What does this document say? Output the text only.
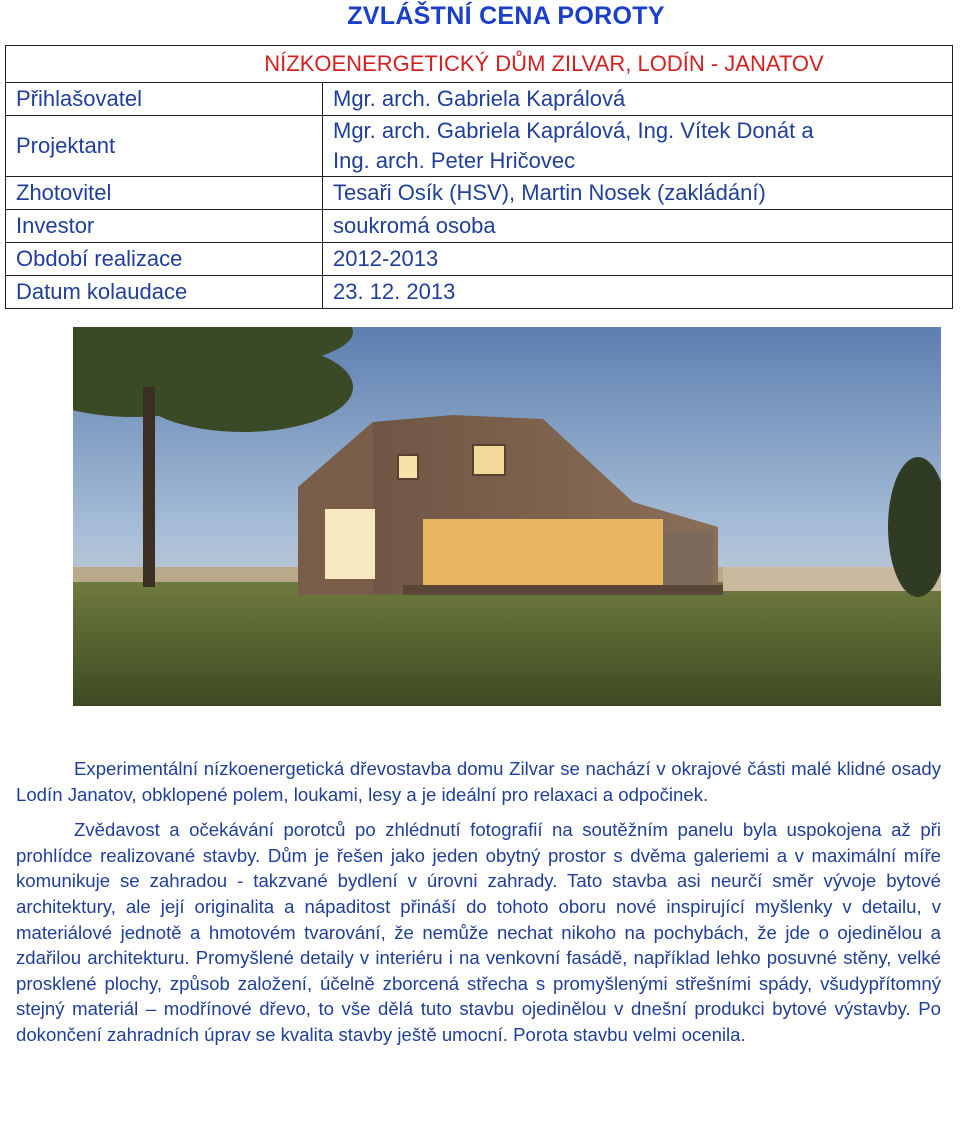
ZVLÁŠTNÍ CENA POROTY
NÍZKOENERGETICKÝ DŮM ZILVAR, LODÍN - JANATOV	
Přihlašovatel	Mgr. arch. Gabriela Kaprálová
Projektant	Mgr. arch. Gabriela Kaprálová, Ing. Vítek Donát a
Ing. arch. Peter Hričovec

Zhotovitel	Tesaři Osík (HSV), Martin Nosek (zakládání)
Investor	soukromá osoba
Období realizace	2012-2013
Datum kolaudace	23. 12. 2013

Experimentální nízkoenergetická dřevostavba domu Zilvar se nachází v okrajové části malé klidné osady Lodín Janatov, obklopené polem, loukami, lesy a je ideální pro relaxaci a odpočinek.

Zvědavost a očekávání porotců po zhlédnutí fotografií na soutěžním panelu byla uspokojena až při prohlídce realizované stavby. Dům je řešen jako jeden obytný prostor s dvěma galeriemi a v maximální míře komunikuje se zahradou - takzvané bydlení v úrovni zahrady. Tato stavba asi neurčí směr vývoje bytové architektury, ale její originalita a nápaditost přináší do tohoto oboru nové inspirující myšlenky v detailu, v materiálové jednotě a hmotovém tvarování, že nemůže nechat nikoho na pochybách, že jde o ojedinělou a zdařilou architekturu. Promyšlené detaily v interiéru i na venkovní fasádě, například lehko posuvné stěny, velké prosklené plochy, způsob založení, účelně zborcená střecha s promyšlenými střešními spády, všudypřítomný stejný materiál – modřínové dřevo, to vše dělá tuto stavbu ojedinělou v dnešní produkci bytové výstavby. Po dokončení zahradních úprav se kvalita stavby ještě umocní. Porota stavbu velmi ocenila.
